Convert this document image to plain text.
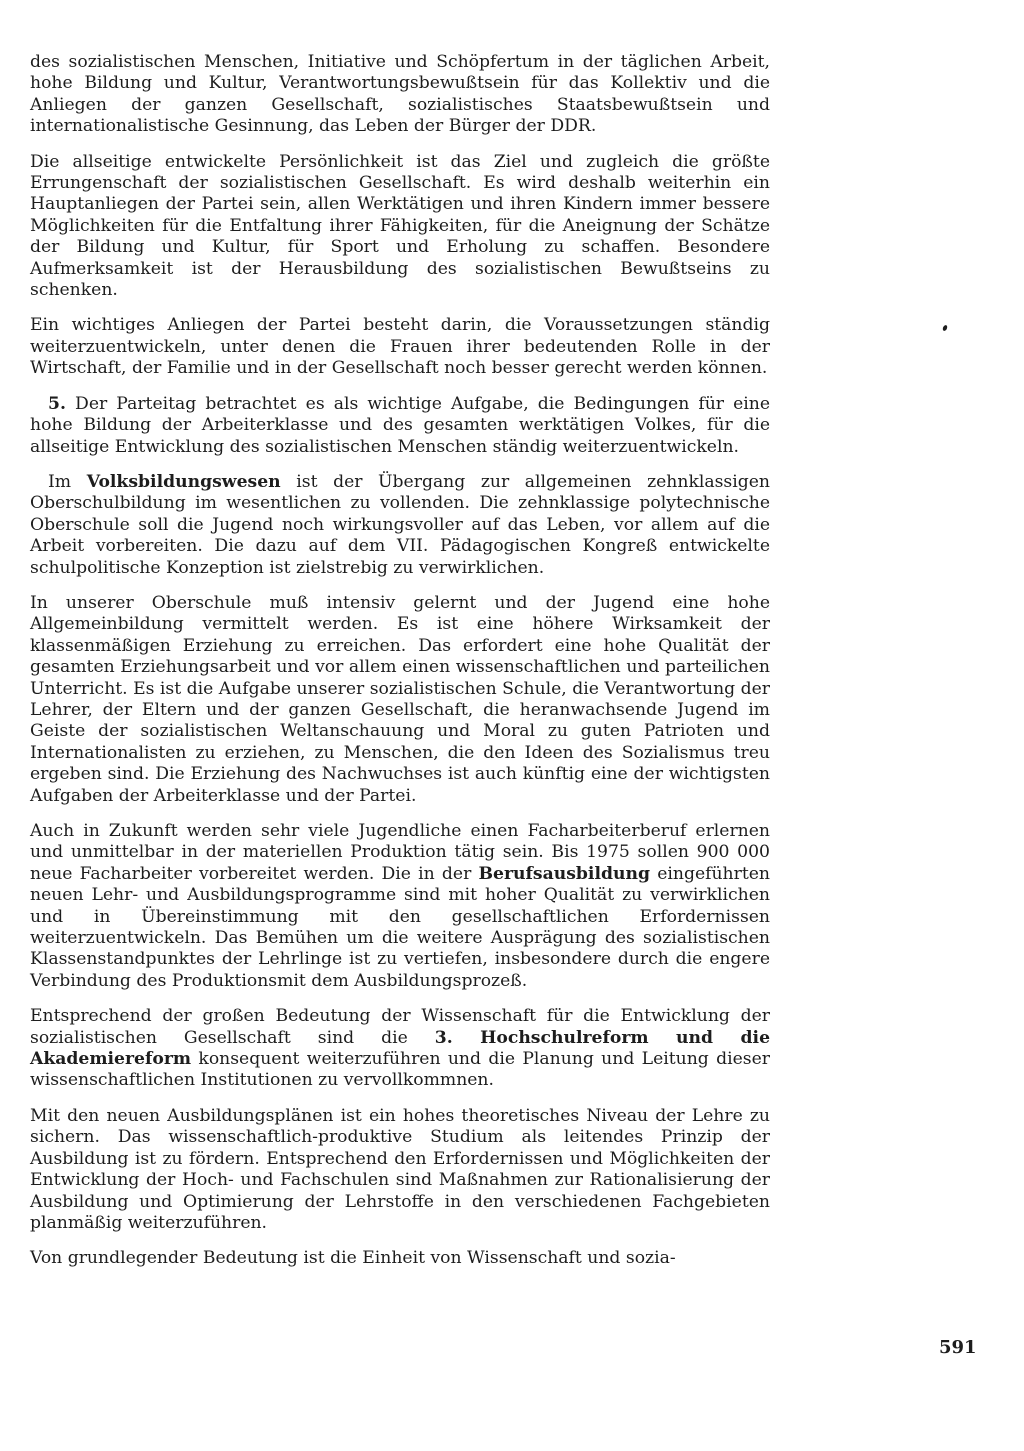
des sozialistischen Menschen, Initiative und Schöpfertum in der täglichen Arbeit, hohe Bildung und Kultur, Verantwortungsbewußtsein für das Kollektiv und die Anliegen der ganzen Gesellschaft, sozialistisches Staatsbewußtsein und internationalistische Gesinnung, das Leben der Bürger der DDR.

Die allseitige entwickelte Persönlichkeit ist das Ziel und zugleich die größte Errungenschaft der sozialistischen Gesellschaft. Es wird deshalb weiterhin ein Hauptanliegen der Partei sein, allen Werktätigen und ihren Kindern immer bessere Möglichkeiten für die Entfaltung ihrer Fähigkeiten, für die Aneignung der Schätze der Bildung und Kultur, für Sport und Erholung zu schaffen. Besondere Aufmerksamkeit ist der Herausbildung des sozialistischen Bewußtseins zu schenken.

Ein wichtiges Anliegen der Partei besteht darin, die Voraussetzungen ständig weiterzuentwickeln, unter denen die Frauen ihrer bedeutenden Rolle in der Wirtschaft, der Familie und in der Gesellschaft noch besser gerecht werden können.

5. Der Parteitag betrachtet es als wichtige Aufgabe, die Bedingungen für eine hohe Bildung der Arbeiterklasse und des gesamten werktätigen Volkes, für die allseitige Entwicklung des sozialistischen Menschen ständig weiterzuentwickeln.

Im Volksbildungswesen ist der Übergang zur allgemeinen zehnklassigen Oberschulbildung im wesentlichen zu vollenden. Die zehnklassige polytechnische Oberschule soll die Jugend noch wirkungsvoller auf das Leben, vor allem auf die Arbeit vorbereiten. Die dazu auf dem VII. Pädagogischen Kongreß entwickelte schulpolitische Konzeption ist zielstrebig zu verwirklichen.

In unserer Oberschule muß intensiv gelernt und der Jugend eine hohe Allgemeinbildung vermittelt werden. Es ist eine höhere Wirksamkeit der klassenmäßigen Erziehung zu erreichen. Das erfordert eine hohe Qualität der gesamten Erziehungsarbeit und vor allem einen wissenschaftlichen und parteilichen Unterricht. Es ist die Aufgabe unserer sozialistischen Schule, die Verantwortung der Lehrer, der Eltern und der ganzen Gesellschaft, die heranwachsende Jugend im Geiste der sozialistischen Weltanschauung und Moral zu guten Patrioten und Internationalisten zu erziehen, zu Menschen, die den Ideen des Sozialismus treu ergeben sind. Die Erziehung des Nachwuchses ist auch künftig eine der wichtigsten Aufgaben der Arbeiterklasse und der Partei.

Auch in Zukunft werden sehr viele Jugendliche einen Facharbeiterberuf erlernen und unmittelbar in der materiellen Produktion tätig sein. Bis 1975 sollen 900 000 neue Facharbeiter vorbereitet werden. Die in der Berufsausbildung eingeführten neuen Lehr- und Ausbildungsprogramme sind mit hoher Qualität zu verwirklichen und in Übereinstimmung mit den gesellschaftlichen Erfordernissen weiterzuentwickeln. Das Bemühen um die weitere Ausprägung des sozialistischen Klassenstandpunktes der Lehrlinge ist zu vertiefen, insbesondere durch die engere Verbindung des Produktionsmit dem Ausbildungsprozeß.

Entsprechend der großen Bedeutung der Wissenschaft für die Entwicklung der sozialistischen Gesellschaft sind die 3. Hochschulreform und die Akademiereform konsequent weiterzuführen und die Planung und Leitung dieser wissenschaftlichen Institutionen zu vervollkommnen.

Mit den neuen Ausbildungsplänen ist ein hohes theoretisches Niveau der Lehre zu sichern. Das wissenschaftlich-produktive Studium als leitendes Prinzip der Ausbildung ist zu fördern. Entsprechend den Erfordernissen und Möglichkeiten der Entwicklung der Hoch- und Fachschulen sind Maßnahmen zur Rationalisierung der Ausbildung und Optimierung der Lehrstoffe in den verschiedenen Fachgebieten planmäßig weiterzuführen.

Von grundlegender Bedeutung ist die Einheit von Wissenschaft und sozia-

591
